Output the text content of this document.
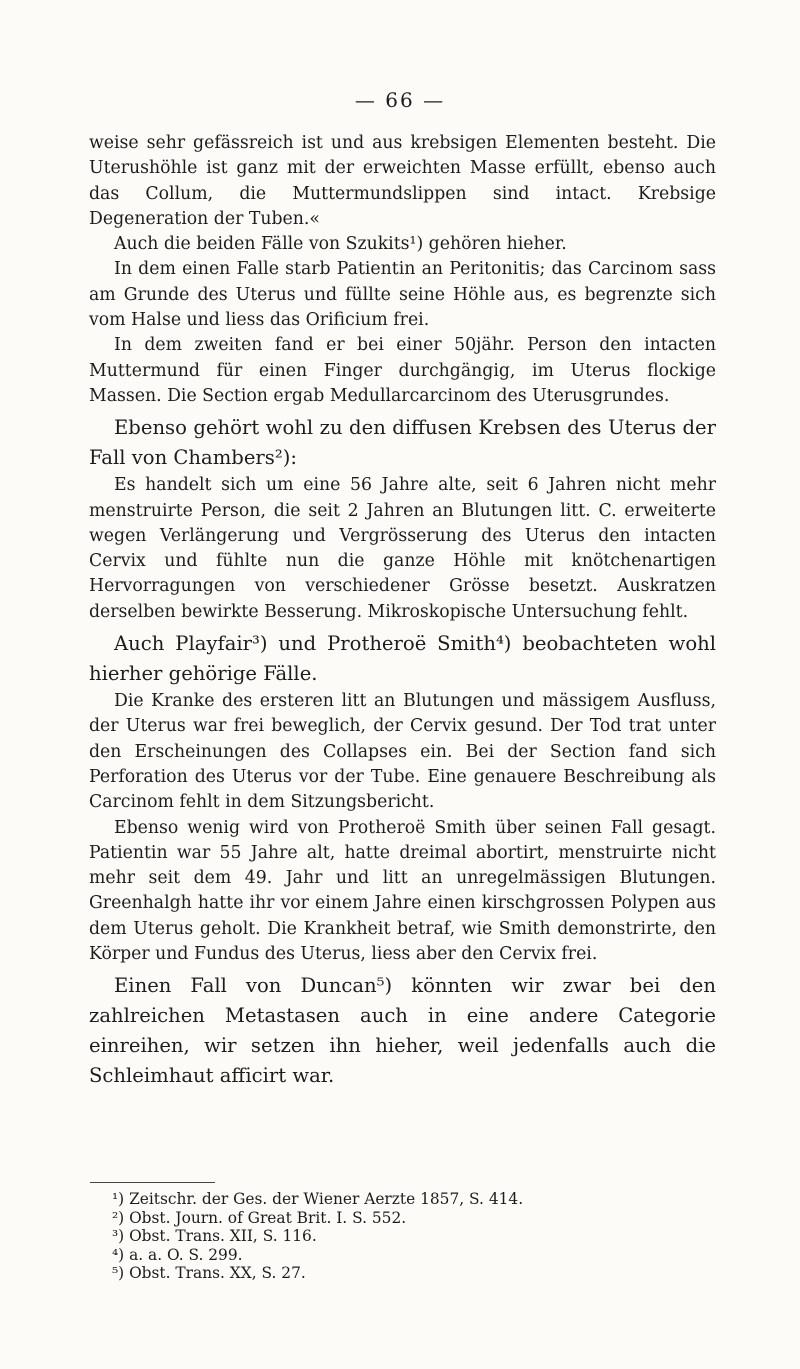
— 66 —

weise sehr gefässreich ist und aus krebsigen Elementen besteht. Die Uterushöhle ist ganz mit der erweichten Masse erfüllt, ebenso auch das Collum, die Muttermundslippen sind intact. Krebsige Degeneration der Tuben.«

Auch die beiden Fälle von Szukits¹) gehören hieher.

In dem einen Falle starb Patientin an Peritonitis; das Carcinom sass am Grunde des Uterus und füllte seine Höhle aus, es begrenzte sich vom Halse und liess das Orificium frei.

In dem zweiten fand er bei einer 50jähr. Person den intacten Muttermund für einen Finger durchgängig, im Uterus flockige Massen. Die Section ergab Medullarcarcinom des Uterusgrundes.

Ebenso gehört wohl zu den diffusen Krebsen des Uterus der Fall von Chambers²):

Es handelt sich um eine 56 Jahre alte, seit 6 Jahren nicht mehr menstruirte Person, die seit 2 Jahren an Blutungen litt. C. erweiterte wegen Verlängerung und Vergrösserung des Uterus den intacten Cervix und fühlte nun die ganze Höhle mit knötchenartigen Hervorragungen von verschiedener Grösse besetzt. Auskratzen derselben bewirkte Besserung. Mikroskopische Untersuchung fehlt.

Auch Playfair³) und Protheroë Smith⁴) beobachteten wohl hierher gehörige Fälle.

Die Kranke des ersteren litt an Blutungen und mässigem Ausfluss, der Uterus war frei beweglich, der Cervix gesund. Der Tod trat unter den Erscheinungen des Collapses ein. Bei der Section fand sich Perforation des Uterus vor der Tube. Eine genauere Beschreibung als Carcinom fehlt in dem Sitzungsbericht.

Ebenso wenig wird von Protheroë Smith über seinen Fall gesagt. Patientin war 55 Jahre alt, hatte dreimal abortirt, menstruirte nicht mehr seit dem 49. Jahr und litt an unregelmässigen Blutungen. Greenhalgh hatte ihr vor einem Jahre einen kirschgrossen Polypen aus dem Uterus geholt. Die Krankheit betraf, wie Smith demonstrirte, den Körper und Fundus des Uterus, liess aber den Cervix frei.

Einen Fall von Duncan⁵) könnten wir zwar bei den zahlreichen Metastasen auch in eine andere Categorie einreihen, wir setzen ihn hieher, weil jedenfalls auch die Schleimhaut afficirt war.

¹) Zeitschr. der Ges. der Wiener Aerzte 1857, S. 414.
²) Obst. Journ. of Great Brit. I. S. 552.
³) Obst. Trans. XII, S. 116.
⁴) a. a. O. S. 299.
⁵) Obst. Trans. XX, S. 27.
